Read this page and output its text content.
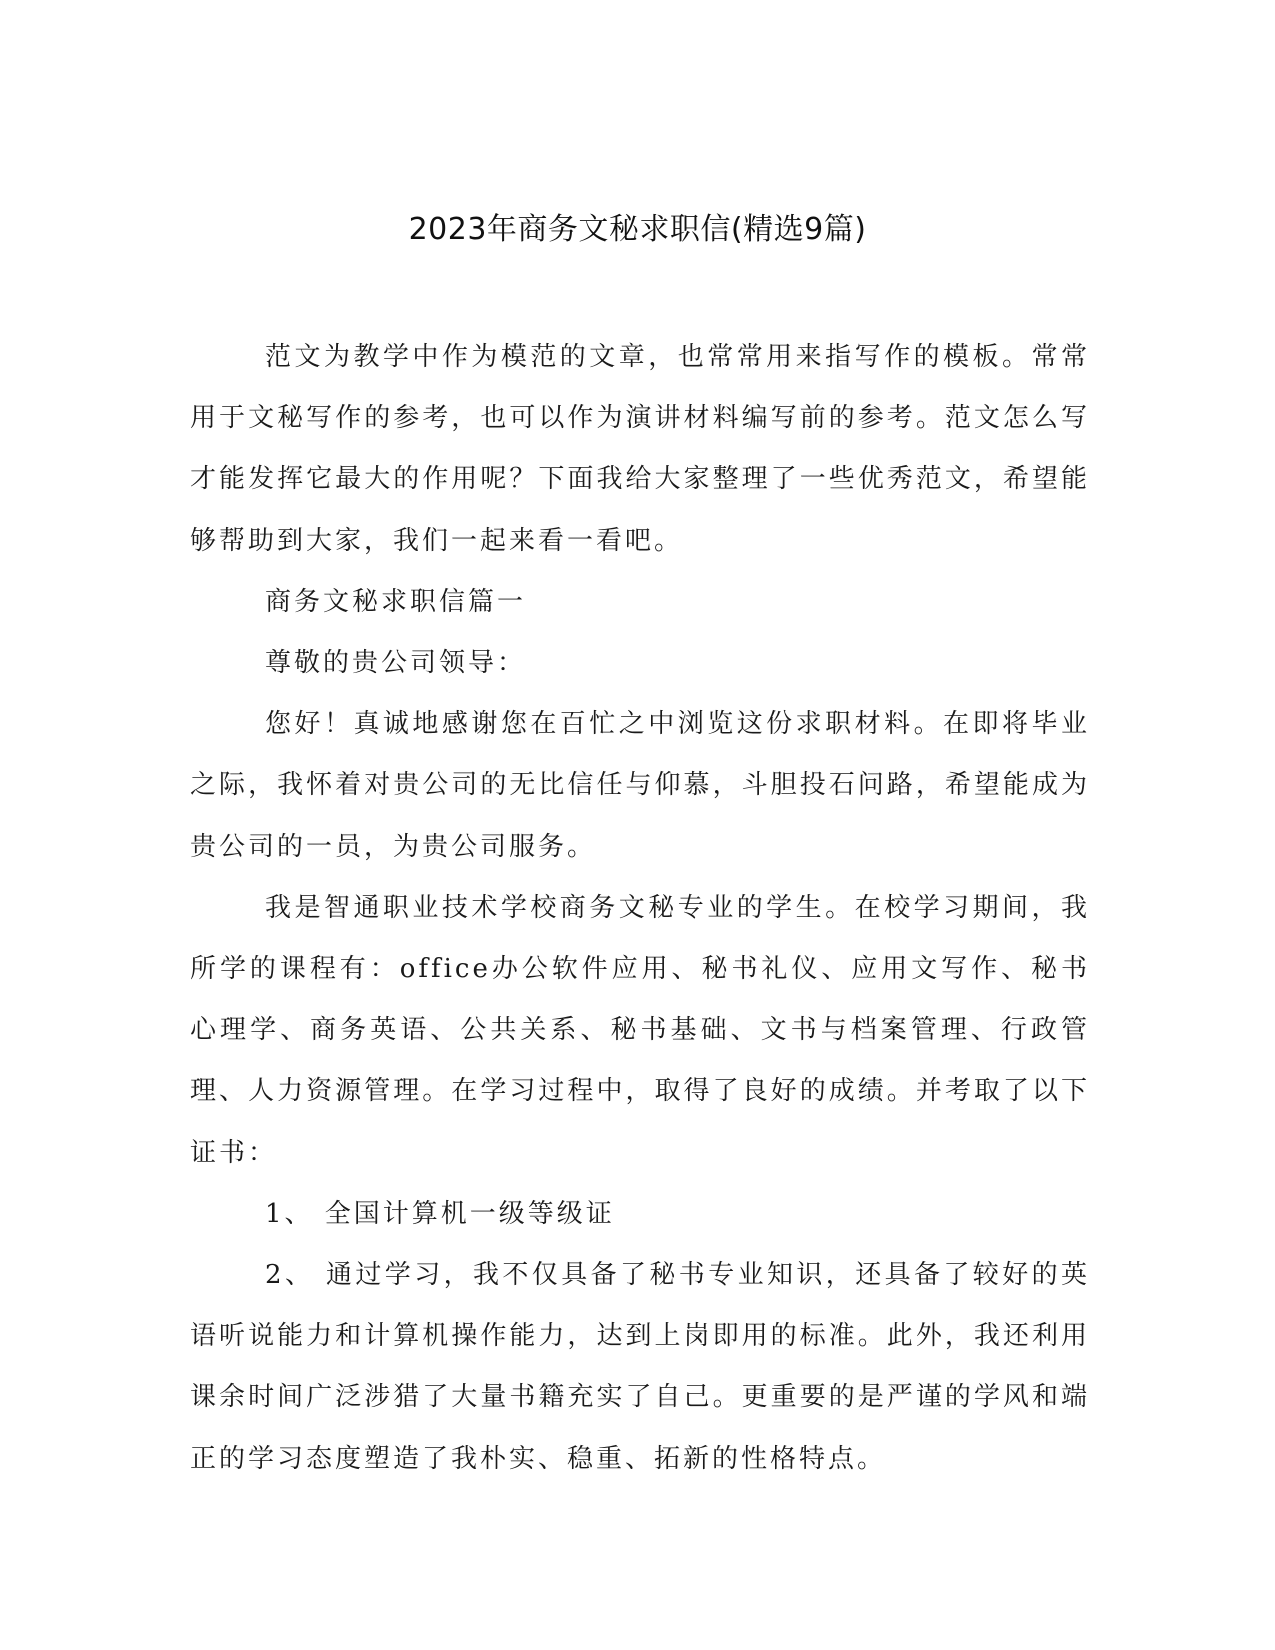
2023年商务文秘求职信(精选9篇)

范文为教学中作为模范的文章，也常常用来指写作的模板。常常用于文秘写作的参考，也可以作为演讲材料编写前的参考。范文怎么写才能发挥它最大的作用呢？下面我给大家整理了一些优秀范文，希望能够帮助到大家，我们一起来看一看吧。

商务文秘求职信篇一

尊敬的贵公司领导：

您好！真诚地感谢您在百忙之中浏览这份求职材料。在即将毕业之际，我怀着对贵公司的无比信任与仰慕，斗胆投石问路，希望能成为贵公司的一员，为贵公司服务。

我是智通职业技术学校商务文秘专业的学生。在校学习期间，我所学的课程有：office办公软件应用、秘书礼仪、应用文写作、秘书心理学、商务英语、公共关系、秘书基础、文书与档案管理、行政管理、人力资源管理。在学习过程中，取得了良好的成绩。并考取了以下证书：

1、 全国计算机一级等级证

2、 通过学习，我不仅具备了秘书专业知识，还具备了较好的英语听说能力和计算机操作能力，达到上岗即用的标准。此外，我还利用课余时间广泛涉猎了大量书籍充实了自己。更重要的是严谨的学风和端正的学习态度塑造了我朴实、稳重、拓新的性格特点。
